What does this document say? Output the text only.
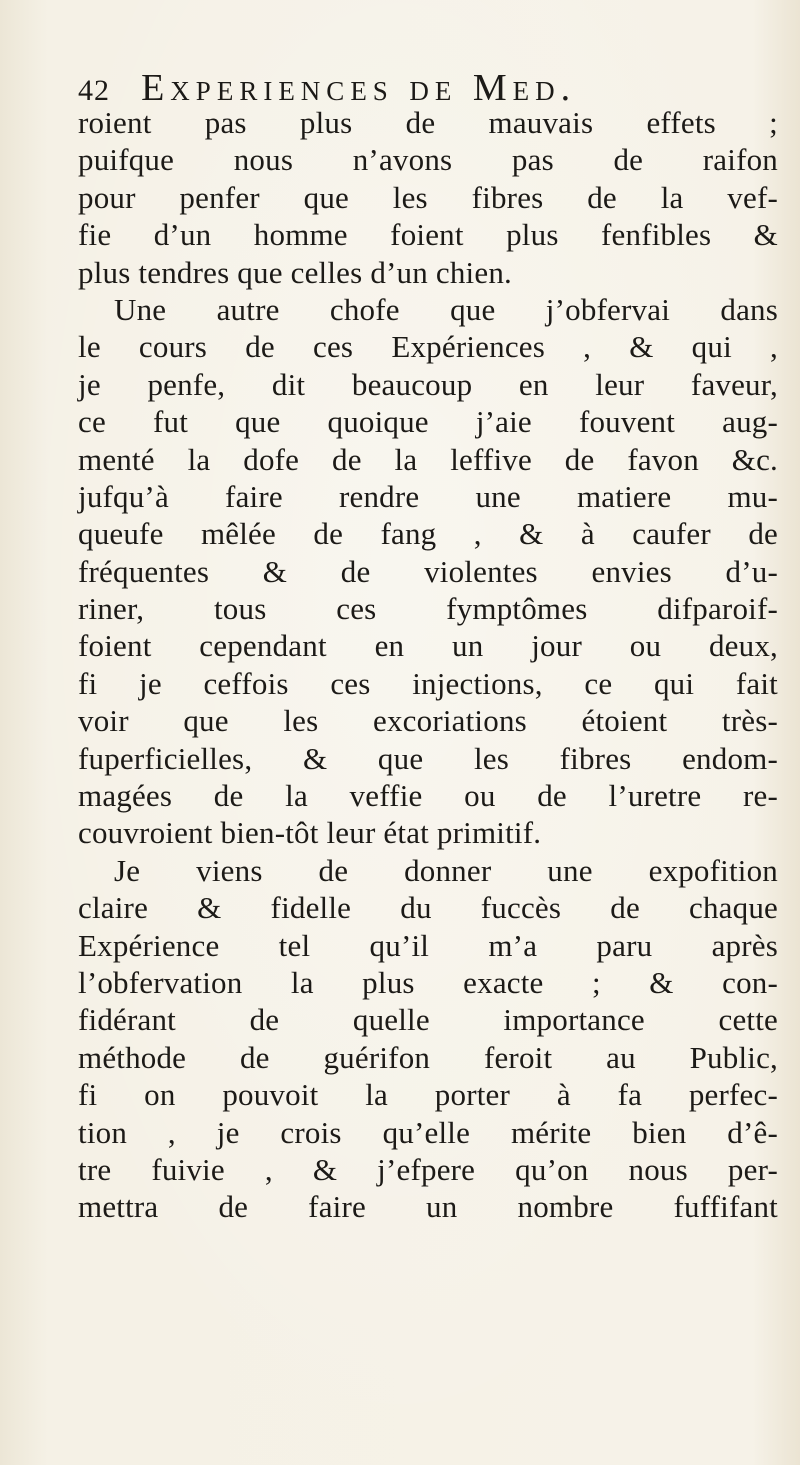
42 Experiences de Med.
roient pas plus de mauvais effets ;
puifque nous n’avons pas de raifon
pour penfer que les fibres de la vef-
fie d’un homme foient plus fenfibles &
plus tendres que celles d’un chien.
Une autre chofe que j’obfervai dans
le cours de ces Expériences , & qui ,
je penfe, dit beaucoup en leur faveur,
ce fut que quoique j’aie fouvent aug-
menté la dofe de la leffive de favon &c.
jufqu’à faire rendre une matiere mu-
queufe mêlée de fang , & à caufer de
fréquentes & de violentes envies d’u-
riner, tous ces fymptômes difparoif-
foient cependant en un jour ou deux,
fi je ceffois ces injections, ce qui fait
voir que les excoriations étoient très-
fuperficielles, & que les fibres endom-
magées de la veffie ou de l’uretre re-
couvroient bien-tôt leur état primitif.
Je viens de donner une expofition
claire & fidelle du fuccès de chaque
Expérience tel qu’il m’a paru après
l’obfervation la plus exacte ; & con-
fidérant de quelle importance cette
méthode de guérifon feroit au Public,
fi on pouvoit la porter à fa perfec-
tion , je crois qu’elle mérite bien d’ê-
tre fuivie , & j’efpere qu’on nous per-
mettra de faire un nombre fuffifant
